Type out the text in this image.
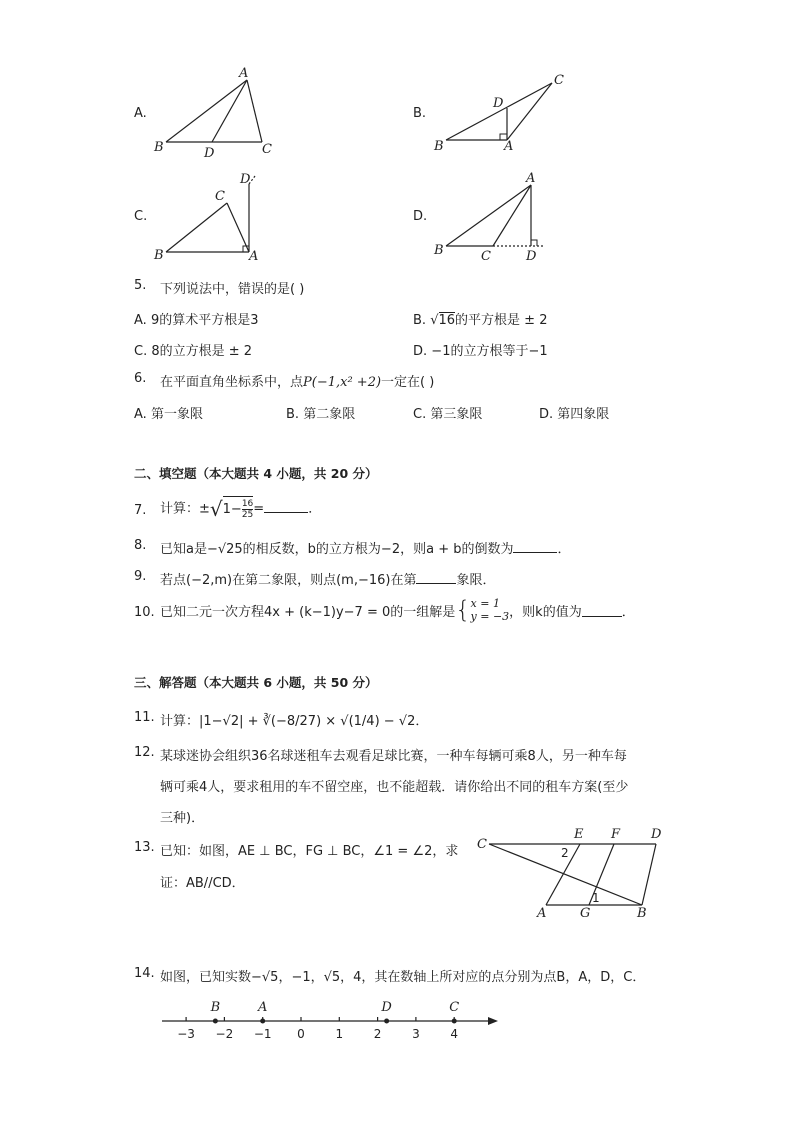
A.	B.
C.	D.
A
B	D	C
D
C
B	A
D
C
B	A
A
B	C	D
5. 下列说法中，错误的是( )
A. 9的算术平方根是3	B. √16的平方根是 ± 2
C. 8的立方根是 ± 2	D. −1的立方根等于−1
6. 在平面直角坐标系中，点P(−1,x² +2)一定在( )
A. 第一象限	B. 第二象限	C. 第三象限	D. 第四象限
二、填空题（本大题共 4 小题，共 20 分）
7. 计算：$\pm√1- \frac{16}{25}$ =	．
8. 已知a是−√25的相反数，b的立方根为−2，则a + b的倒数为	．
9. 若点(−2,m)在第二象限，则点(m,−16)在第	象限．
10. 已知二元一次方程4x + (k−1)y−7 = 0的一组解是{ x = 1
y = −3 ，则k的值为	．
三、解答题（本大题共 6 小题，共 50 分）
11. 计算：|1−√2| + ∛(−8/27) × √(1/4) − √2．
12. 某球迷协会组织36名球迷租车去观看足球比赛，一种车每辆可乘8人，另一种车每
辆可乘4人，要求租用的车不留空座，也不能超载．请你给出不同的租车方案(至少
三种)．
13. 已知：如图，AE ⊥ BC，FG ⊥ BC，∠1 = ∠2，求
证：AB//CD．
C
E F D
A	G	B
2
1
14. 如图，已知实数−√5，−1，√5，4，其在数轴上所对应的点分别为点B，A，D，C．
−3 −2 −1 0	1	2	3	4
B	A	D	C
